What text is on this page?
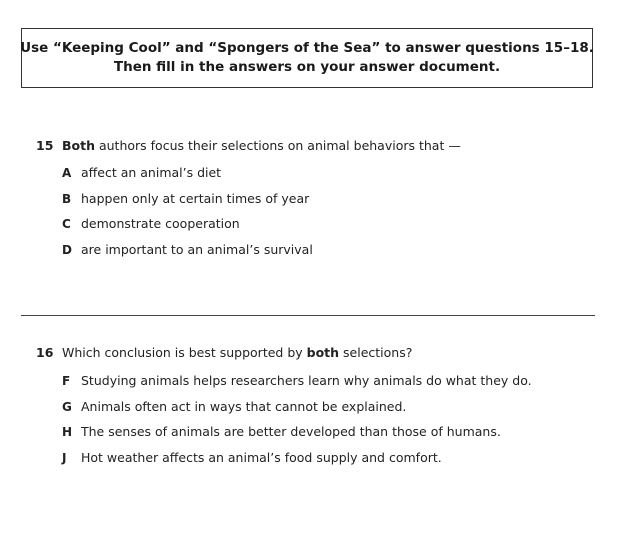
Use “Keeping Cool” and “Spongers of the Sea” to answer questions 15–18.
Then fill in the answers on your answer document.
15 Both authors focus their selections on animal behaviors that —
A affect an animal’s diet
B happen only at certain times of year
C demonstrate cooperation
D are important to an animal’s survival
16 Which conclusion is best supported by both selections?
F Studying animals helps researchers learn why animals do what they do.
G Animals often act in ways that cannot be explained.
H The senses of animals are better developed than those of humans.
J	Hot weather affects an animal’s food supply and comfort.
